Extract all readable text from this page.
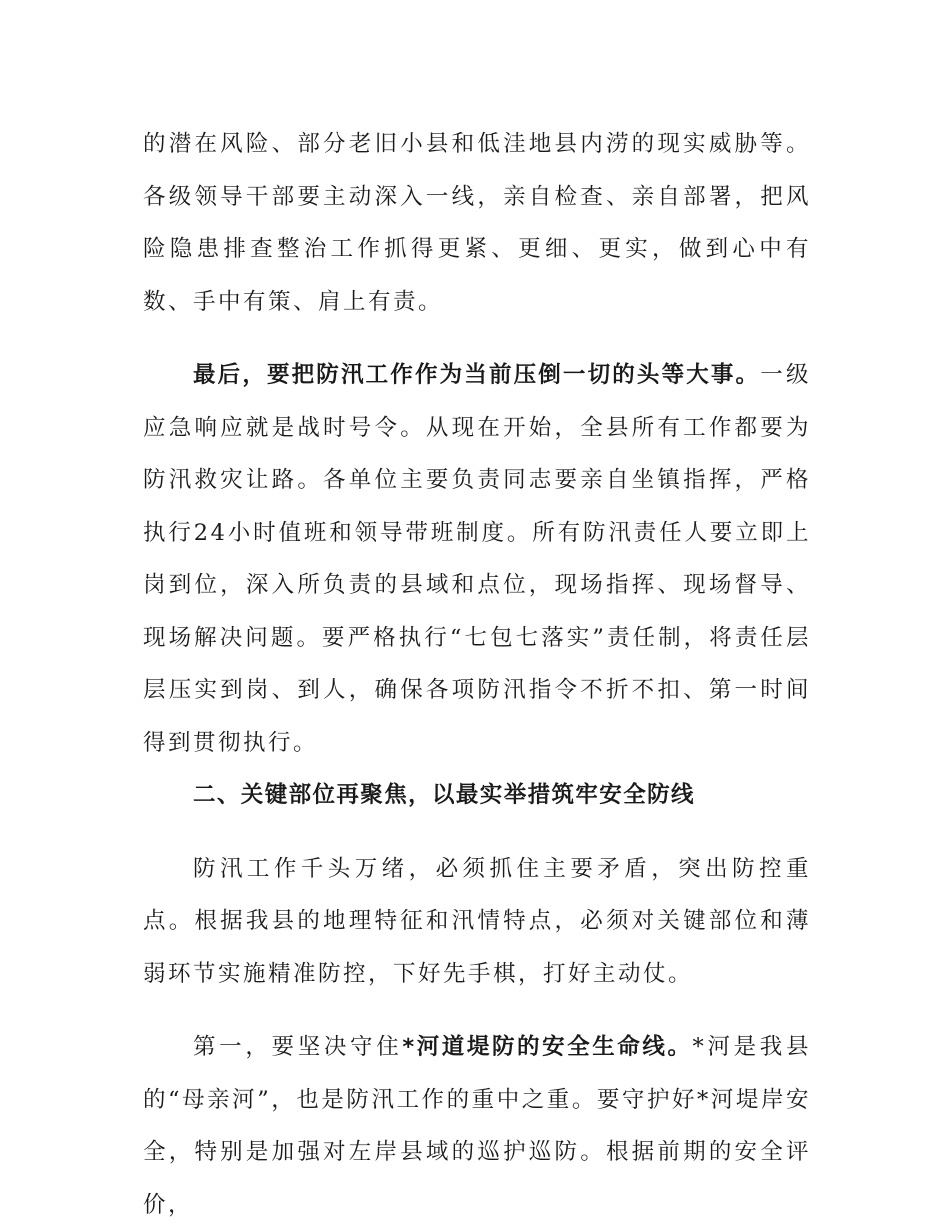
的潜在风险、部分老旧小县和低洼地县内涝的现实威胁等。各级领导干部要主动深入一线，亲自检查、亲自部署，把风险隐患排查整治工作抓得更紧、更细、更实，做到心中有数、手中有策、肩上有责。

最后，要把防汛工作作为当前压倒一切的头等大事。一级应急响应就是战时号令。从现在开始，全县所有工作都要为防汛救灾让路。各单位主要负责同志要亲自坐镇指挥，严格执行24小时值班和领导带班制度。所有防汛责任人要立即上岗到位，深入所负责的县域和点位，现场指挥、现场督导、现场解决问题。要严格执行“七包七落实”责任制，将责任层层压实到岗、到人，确保各项防汛指令不折不扣、第一时间得到贯彻执行。

二、关键部位再聚焦，以最实举措筑牢安全防线

防汛工作千头万绪，必须抓住主要矛盾，突出防控重点。根据我县的地理特征和汛情特点，必须对关键部位和薄弱环节实施精准防控，下好先手棋，打好主动仗。

第一，要坚决守住*河道堤防的安全生命线。*河是我县的“母亲河”，也是防汛工作的重中之重。要守护好*河堤岸安全，特别是加强对左岸县域的巡护巡防。根据前期的安全评价，
